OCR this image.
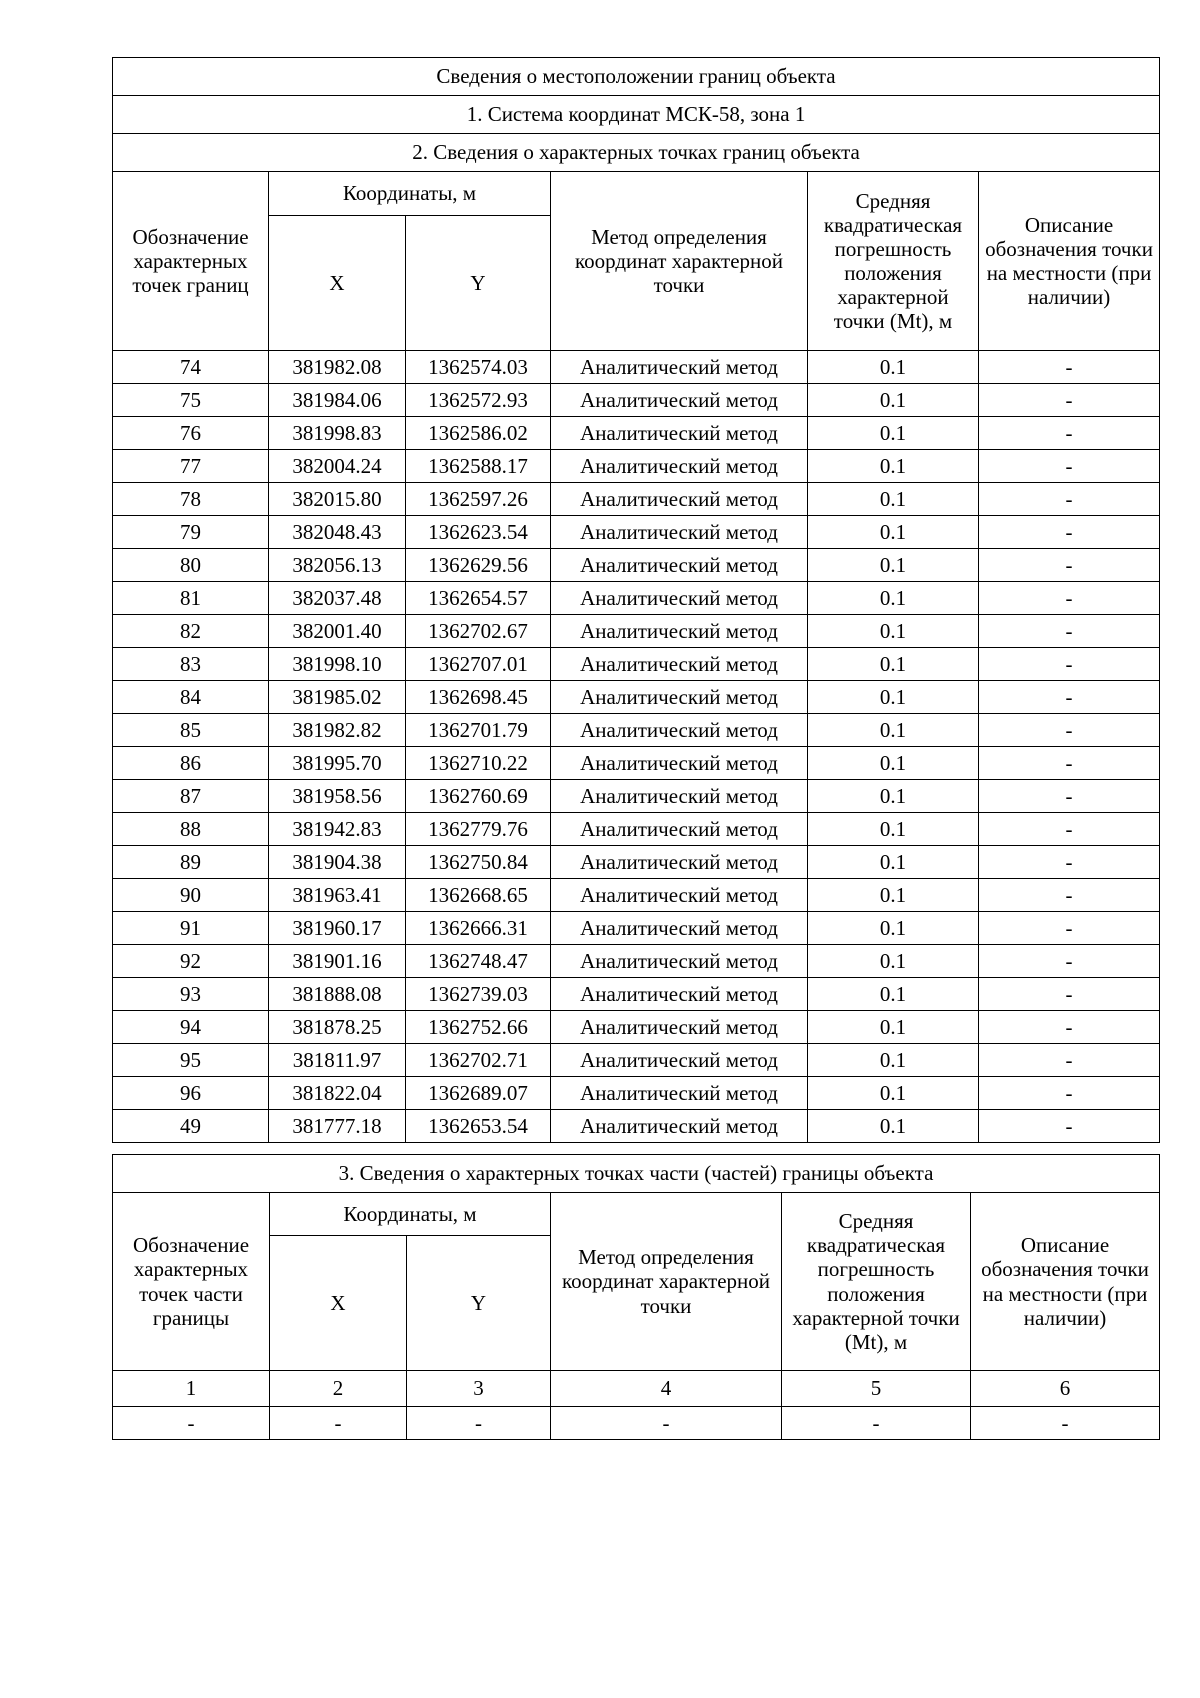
Сведения о местоположении границ объекта					
1. Система координат МСК-58, зона 1					
2. Сведения о характерных точках границ объекта					
Обозначение характерных точек границ	Координаты, м		Метод определения координат характерной точки	Средняя квадратическая погрешность положения характерной точки (Mt), м	Описание обозначения точки на местности (при наличии)
	X	Y			
74	381982.08	1362574.03	Аналитический метод	0.1	-
75	381984.06	1362572.93	Аналитический метод	0.1	-
76	381998.83	1362586.02	Аналитический метод	0.1	-
77	382004.24	1362588.17	Аналитический метод	0.1	-
78	382015.80	1362597.26	Аналитический метод	0.1	-
79	382048.43	1362623.54	Аналитический метод	0.1	-
80	382056.13	1362629.56	Аналитический метод	0.1	-
81	382037.48	1362654.57	Аналитический метод	0.1	-
82	382001.40	1362702.67	Аналитический метод	0.1	-
83	381998.10	1362707.01	Аналитический метод	0.1	-
84	381985.02	1362698.45	Аналитический метод	0.1	-
85	381982.82	1362701.79	Аналитический метод	0.1	-
86	381995.70	1362710.22	Аналитический метод	0.1	-
87	381958.56	1362760.69	Аналитический метод	0.1	-
88	381942.83	1362779.76	Аналитический метод	0.1	-
89	381904.38	1362750.84	Аналитический метод	0.1	-
90	381963.41	1362668.65	Аналитический метод	0.1	-
91	381960.17	1362666.31	Аналитический метод	0.1	-
92	381901.16	1362748.47	Аналитический метод	0.1	-
93	381888.08	1362739.03	Аналитический метод	0.1	-
94	381878.25	1362752.66	Аналитический метод	0.1	-
95	381811.97	1362702.71	Аналитический метод	0.1	-
96	381822.04	1362689.07	Аналитический метод	0.1	-
49	381777.18	1362653.54	Аналитический метод	0.1	-
3. Сведения о характерных точках части (частей) границы объекта					
Обозначение характерных точек части границы	Координаты, м		Метод определения координат характерной точки	Средняя квадратическая погрешность положения характерной точки (Mt), м	Описание обозначения точки на местности (при наличии)
	X	Y			
1	2	3	4	5	6
-	-	-	-	-	-
